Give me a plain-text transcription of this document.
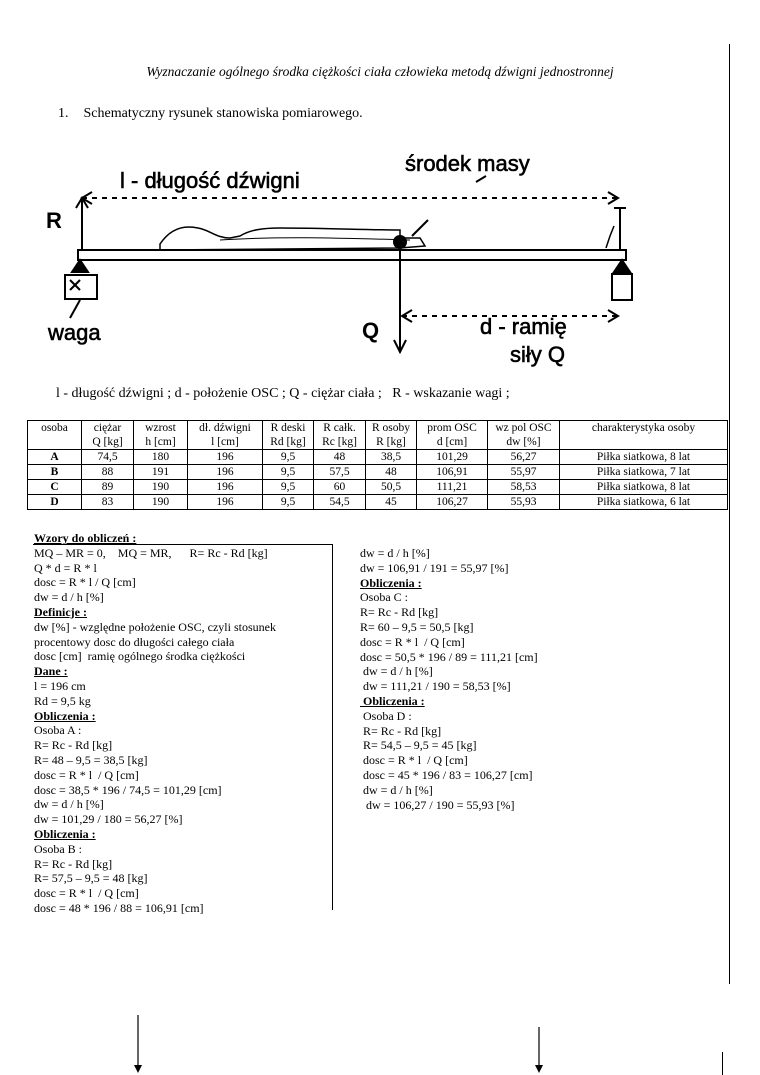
Wyznaczanie ogólnego środka ciężkości ciała człowieka metodą dźwigni jednostronnej
1. Schematyczny rysunek stanowiska pomiarowego.
l - długość dźwigni
środek masy
R
waga	Q	d - ramię
siły Q
l - długość dźwigni ; d - położenie OSC ; Q - ciężar ciała ;   R - wskazanie wagi ;
osoba	ciężar	wzrost	dł. dźwigni	R deski	R całk.	R osoby	prom OSC	wz pol OSC	charakterystyka osoby
	Q [kg]	h [cm]	l [cm]	Rd [kg]	Rc [kg]	R [kg]	d [cm]	dw [%]	
A	74,5	180	196	9,5	48	38,5	101,29	56,27	Piłka siatkowa, 8 lat
B	88	191	196	9,5	57,5	48	106,91	55,97	Piłka siatkowa, 7 lat
C	89	190	196	9,5	60	50,5	111,21	58,53	Piłka siatkowa, 8 lat
D	83	190	196	9,5	54,5	45	106,27	55,93	Piłka siatkowa, 6 lat
Wzory do obliczeń :
MQ – MR = 0,    MQ = MR,      R= Rc - Rd [kg]
Q * d = R * l
dosc = R * l / Q [cm]
dw = d / h [%]
Definicje :
dw [%] - względne położenie OSC, czyli stosunek
procentowy dosc do długości całego ciała
dosc [cm]  ramię ogólnego środka ciężkości
Dane :
l = 196 cm
Rd = 9,5 kg
Obliczenia :
Osoba A :
R= Rc - Rd [kg]
R= 48 – 9,5 = 38,5 [kg]
dosc = R * l  / Q [cm]
dosc = 38,5 * 196 / 74,5 = 101,29 [cm]
dw = d / h [%]
dw = 101,29 / 180 = 56,27 [%]
Obliczenia :
Osoba B :
R= Rc - Rd [kg]
R= 57,5 – 9,5 = 48 [kg]
dosc = R * l  / Q [cm]
dosc = 48 * 196 / 88 = 106,91 [cm]
dw = d / h [%]
dw = 106,91 / 191 = 55,97 [%]
Obliczenia :
Osoba C :
R= Rc - Rd [kg]
R= 60 – 9,5 = 50,5 [kg]
dosc = R * l  / Q [cm]
dosc = 50,5 * 196 / 89 = 111,21 [cm]
dw = d / h [%]
dw = 111,21 / 190 = 58,53 [%]
Obliczenia :
Osoba D :
R= Rc - Rd [kg]
R= 54,5 – 9,5 = 45 [kg]
dosc = R * l  / Q [cm]
dosc = 45 * 196 / 83 = 106,27 [cm]
dw = d / h [%]
dw = 106,27 / 190 = 55,93 [%]
